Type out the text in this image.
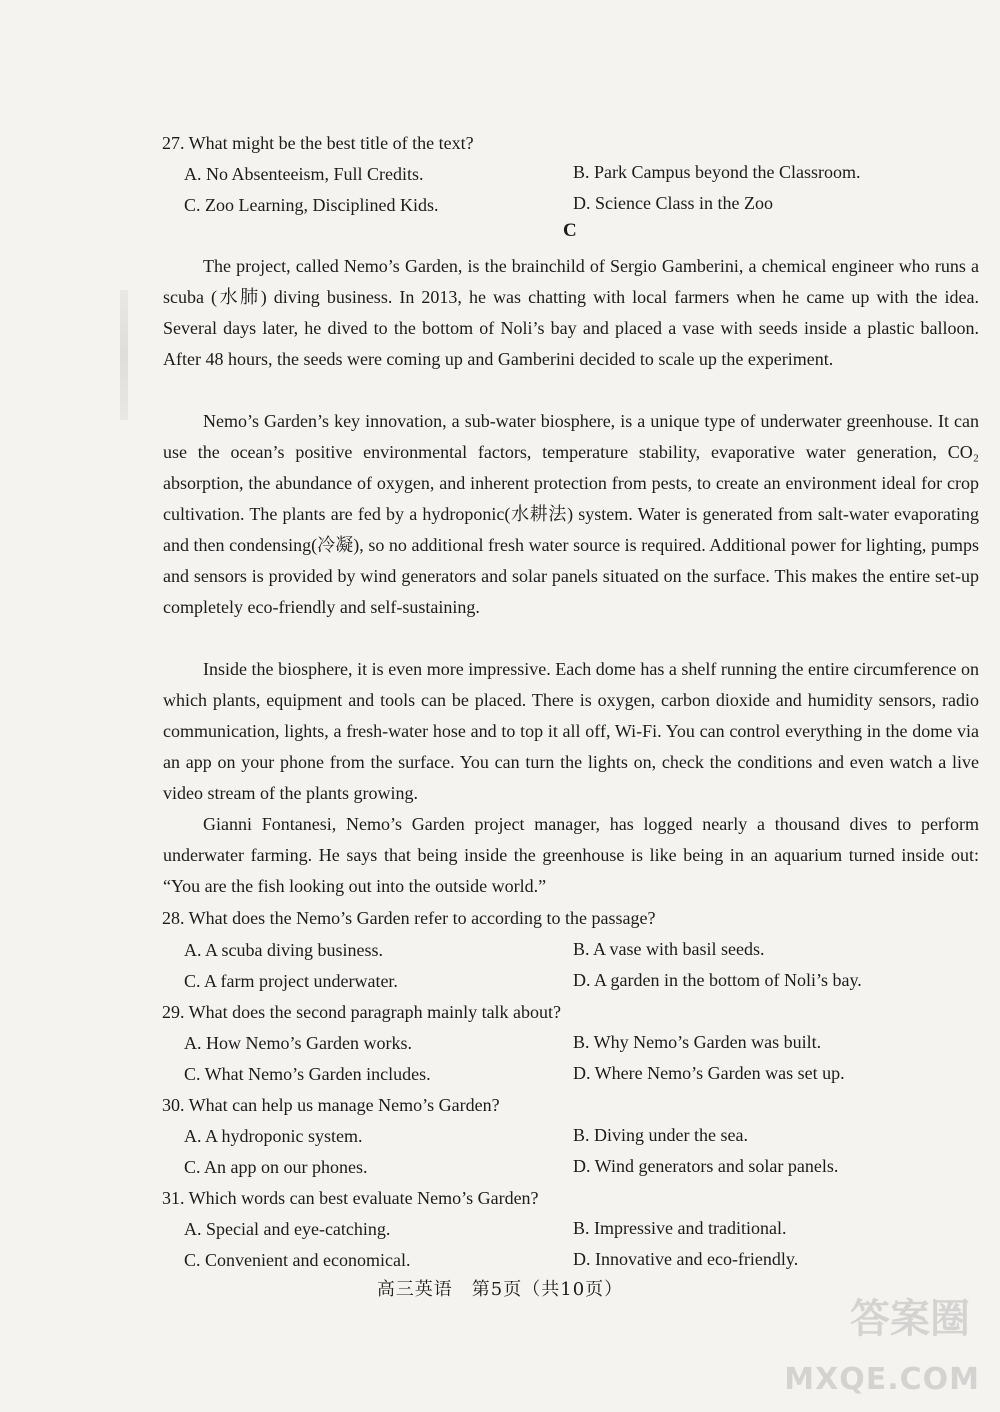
27. What might be the best title of the text?
A. No Absenteeism, Full Credits.	B. Park Campus beyond the Classroom.
C. Zoo Learning, Disciplined Kids.	D. Science Class in the Zoo
C
The project, called Nemo’s Garden, is the brainchild of Sergio Gamberini, a chemical engineer who runs a scuba (水肺) diving business. In 2013, he was chatting with local farmers when he came up with the idea. Several days later, he dived to the bottom of Noli’s bay and placed a vase with seeds inside a plastic balloon. After 48 hours, the seeds were coming up and Gamberini decided to scale up the experiment.
Nemo’s Garden’s key innovation, a sub-water biosphere, is a unique type of underwater greenhouse. It can use the ocean’s positive environmental factors, temperature stability, evaporative water generation, CO₂ absorption, the abundance of oxygen, and inherent protection from pests, to create an environment ideal for crop cultivation. The plants are fed by a hydroponic(水耕法) system. Water is generated from salt-water evaporating and then condensing(冷凝), so no additional fresh water source is required. Additional power for lighting, pumps and sensors is provided by wind generators and solar panels situated on the surface. This makes the entire set-up completely eco-friendly and self-sustaining.
Inside the biosphere, it is even more impressive. Each dome has a shelf running the entire circumference on which plants, equipment and tools can be placed. There is oxygen, carbon dioxide and humidity sensors, radio communication, lights, a fresh-water hose and to top it all off, Wi-Fi. You can control everything in the dome via an app on your phone from the surface. You can turn the lights on, check the conditions and even watch a live video stream of the plants growing.
Gianni Fontanesi, Nemo’s Garden project manager, has logged nearly a thousand dives to perform underwater farming. He says that being inside the greenhouse is like being in an aquarium turned inside out: “You are the fish looking out into the outside world.”
28. What does the Nemo’s Garden refer to according to the passage?
A. A scuba diving business.	B. A vase with basil seeds.
C. A farm project underwater.	D. A garden in the bottom of Noli’s bay.
29. What does the second paragraph mainly talk about?
A. How Nemo’s Garden works.	B. Why Nemo’s Garden was built.
C. What Nemo’s Garden includes.	D. Where Nemo’s Garden was set up.
30. What can help us manage Nemo’s Garden?
A. A hydroponic system.	B. Diving under the sea.
C. An app on our phones.	D. Wind generators and solar panels.
31. Which words can best evaluate Nemo’s Garden?
A. Special and eye-catching.	B. Impressive and traditional.
C. Convenient and economical.	D. Innovative and eco-friendly.
高三英语　第5页（共10页）
答案圈
MXQE.COM
